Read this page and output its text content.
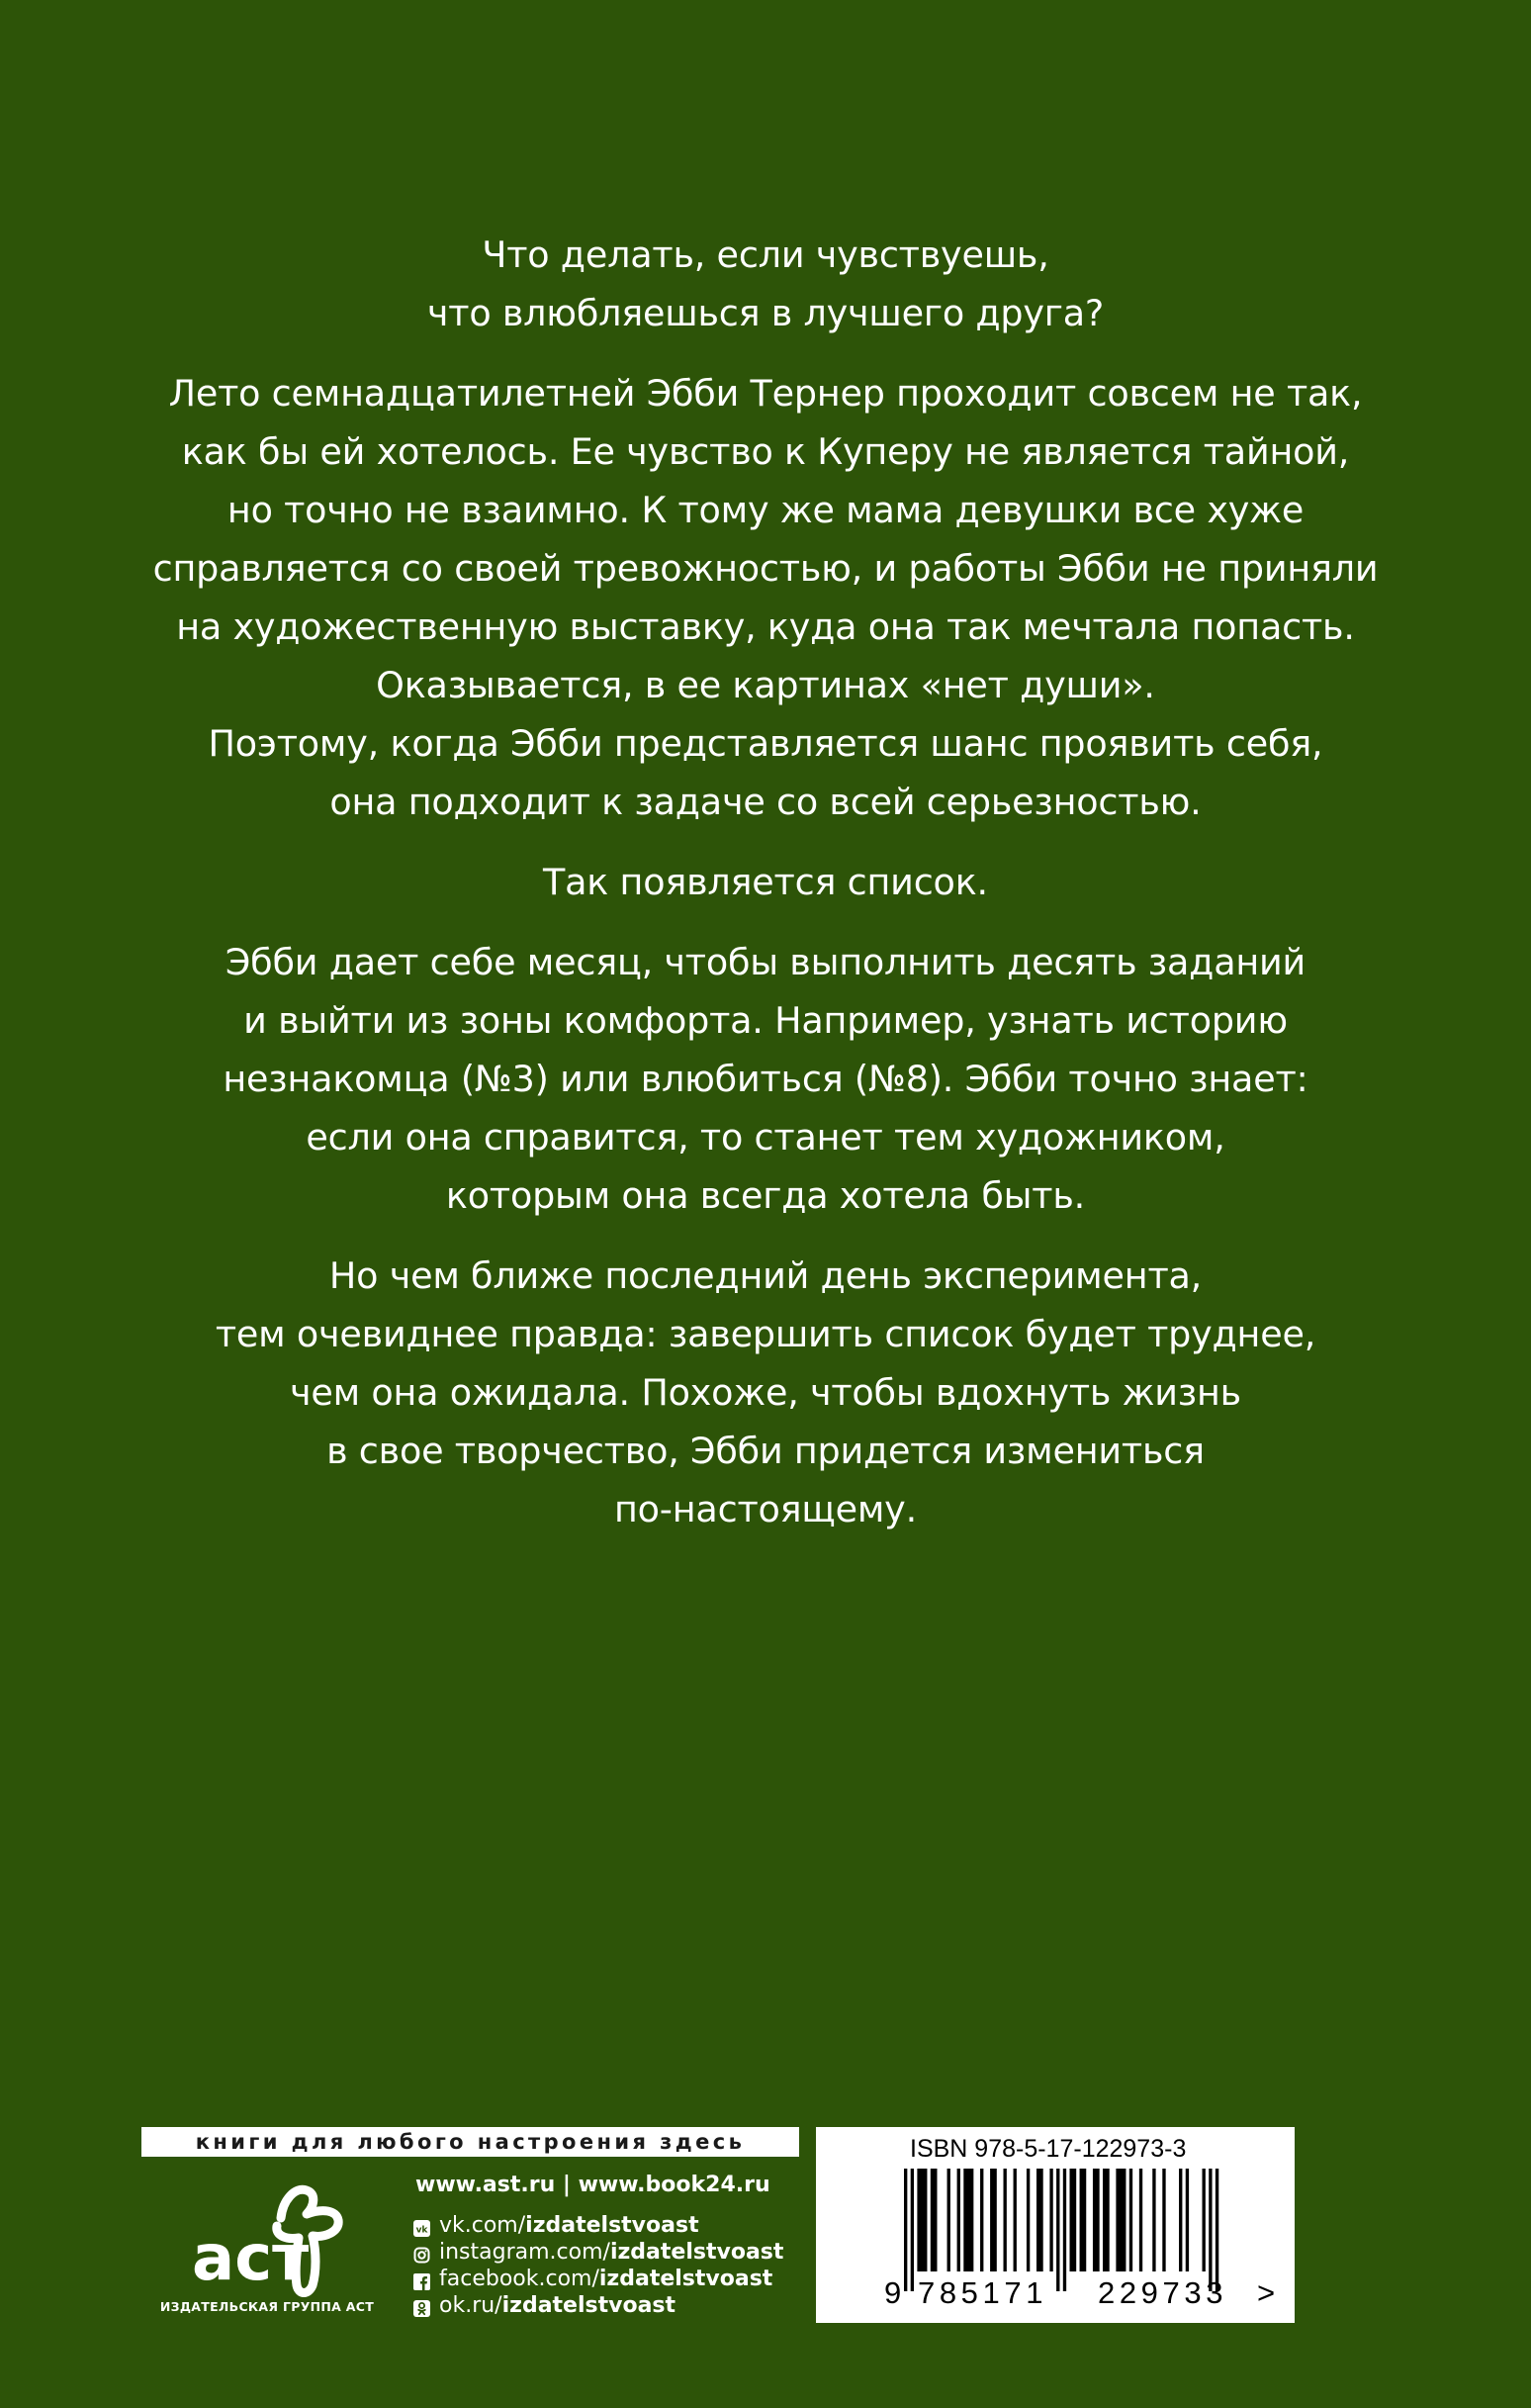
Что делать, если чувствуешь,
что влюбляешься в лучшего друга?

Лето семнадцатилетней Эбби Тернер проходит совсем не так,
как бы ей хотелось. Ее чувство к Куперу не является тайной,
но точно не взаимно. К тому же мама девушки все хуже
справляется со своей тревожностью, и работы Эбби не приняли
на художественную выставку, куда она так мечтала попасть.
Оказывается, в ее картинах «нет души».
Поэтому, когда Эбби представляется шанс проявить себя,
она подходит к задаче со всей серьезностью.

Так появляется список.

Эбби дает себе месяц, чтобы выполнить десять заданий
и выйти из зоны комфорта. Например, узнать историю
незнакомца (№3) или влюбиться (№8). Эбби точно знает:
если она справится, то станет тем художником,
которым она всегда хотела быть.

Но чем ближе последний день эксперимента,
тем очевиднее правда: завершить список будет труднее,
чем она ожидала. Похоже, чтобы вдохнуть жизнь
в свое творчество, Эбби придется измениться
по-настоящему.

книги для любого настроения здесь
аст
ИЗДАТЕЛЬСКАЯ ГРУППА АСТ
www.ast.ru | www.book24.ru
vk vk.com/ izdatelstvoast
instagram.com/ izdatelstvoast
facebook.com/ izdatelstvoast
ok.ru/ izdatelstvoast
ISBN 978-5-17-122973-3
9 785171 229733 >
